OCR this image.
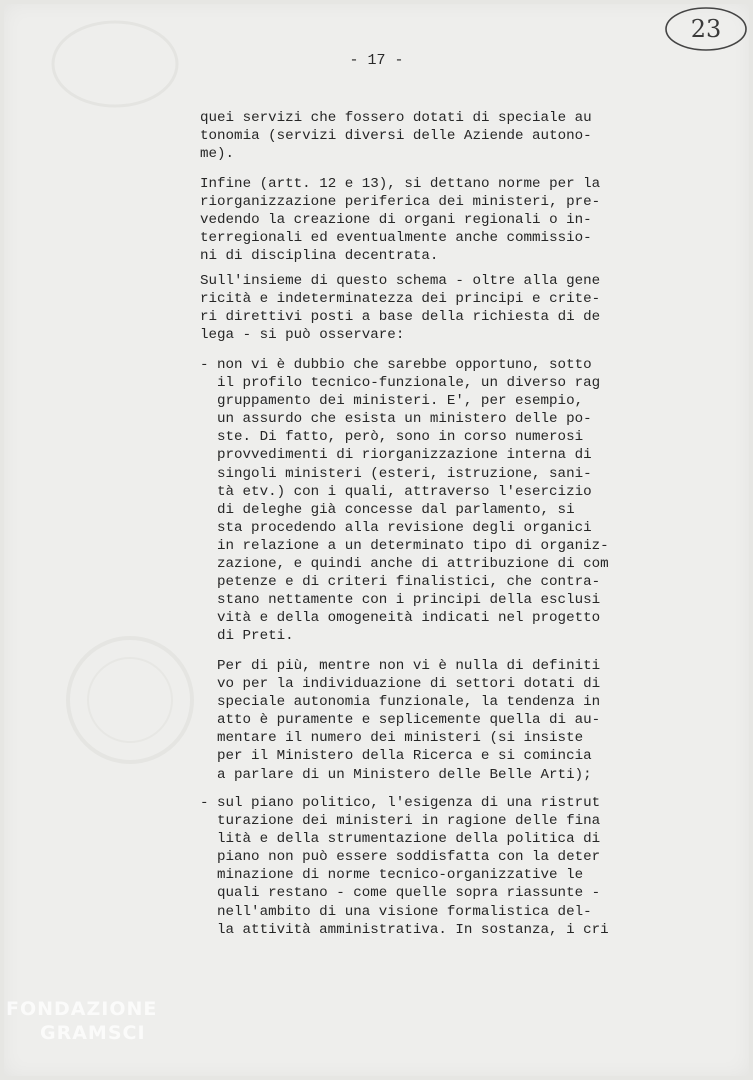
- 17 -
23

quei servizi che fossero dotati di speciale au
tonomia (servizi diversi delle Aziende autono-
me).

Infine (artt. 12 e 13), si dettano norme per la
riorganizzazione periferica dei ministeri, pre-
vedendo la creazione di organi regionali o in-
terregionali ed eventualmente anche commissio-
ni di disciplina decentrata.

Sull'insieme di questo schema - oltre alla gene
ricità e indeterminatezza dei principi e crite-
ri direttivi posti a base della richiesta di de
lega - si può osservare:

- non vi è dubbio che sarebbe opportuno, sotto
il profilo tecnico-funzionale, un diverso rag
gruppamento dei ministeri. E', per esempio,
un assurdo che esista un ministero delle po-
ste. Di fatto, però, sono in corso numerosi
provvedimenti di riorganizzazione interna di
singoli ministeri (esteri, istruzione, sani-
tà etv.) con i quali, attraverso l'esercizio
di deleghe già concesse dal parlamento, si
sta procedendo alla revisione degli organici
in relazione a un determinato tipo di organiz-
zazione, e quindi anche di attribuzione di com
petenze e di criteri finalistici, che contra-
stano nettamente con i principi della esclusi
vità e della omogeneità indicati nel progetto
di Preti.

Per di più, mentre non vi è nulla di definiti
vo per la individuazione di settori dotati di
speciale autonomia funzionale, la tendenza in
atto è puramente e seplicemente quella di au-
mentare il numero dei ministeri (si insiste
per il Ministero della Ricerca e si comincia
a parlare di un Ministero delle Belle Arti);

- sul piano politico, l'esigenza di una ristrut
turazione dei ministeri in ragione delle fina
lità e della strumentazione della politica di
piano non può essere soddisfatta con la deter
minazione di norme tecnico-organizzative le
quali restano - come quelle sopra riassunte -
nell'ambito di una visione formalistica del-
la attività amministrativa. In sostanza, i cri

FONDAZIONE
GRAMSCI
